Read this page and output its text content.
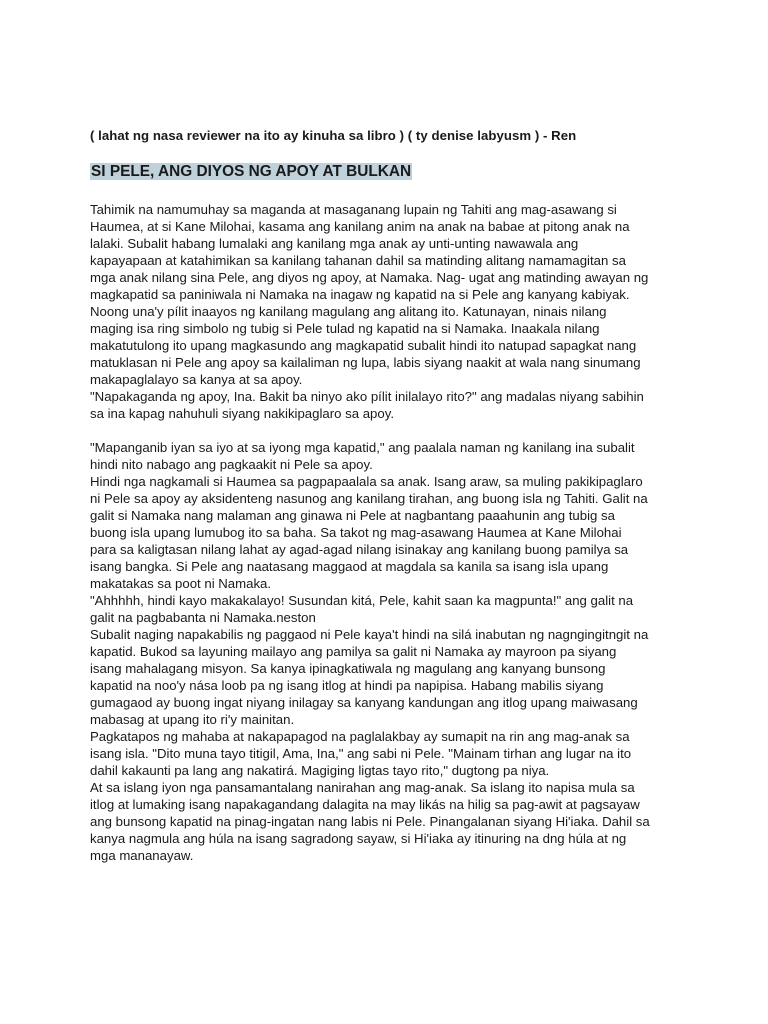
( lahat ng nasa reviewer na ito ay kinuha sa libro ) ( ty denise labyusm ) - Ren
SI PELE, ANG DIYOS NG APOY AT BULKAN
Tahimik na namumuhay sa maganda at masaganang lupain ng Tahiti ang mag-asawang si
Haumea, at si Kane Milohai, kasama ang kanilang anim na anak na babae at pitong anak na
lalaki. Subalit habang lumalaki ang kanilang mga anak ay unti-unting nawawala ang
kapayapaan at katahimikan sa kanilang tahanan dahil sa matinding alitang namamagitan sa
mga anak nilang sina Pele, ang diyos ng apoy, at Namaka. Nag- ugat ang matinding awayan ng
magkapatid sa paniniwala ni Namaka na inagaw ng kapatid na si Pele ang kanyang kabiyak.
Noong una'y pílit inaayos ng kanilang magulang ang alitang ito. Katunayan, ninais nilang
maging isa ring simbolo ng tubig si Pele tulad ng kapatid na si Namaka. Inaakala nilang
makatutulong ito upang magkasundo ang magkapatid subalit hindi ito natupad sapagkat nang
matuklasan ni Pele ang apoy sa kailaliman ng lupa, labis siyang naakit at wala nang sinumang
makapaglalayo sa kanya at sa apoy.
"Napakaganda ng apoy, Ina. Bakit ba ninyo ako pílit inilalayo rito?" ang madalas niyang sabihin
sa ina kapag nahuhuli siyang nakikipaglaro sa apoy.
"Mapanganib iyan sa iyo at sa iyong mga kapatid," ang paalala naman ng kanilang ina subalit
hindi nito nabago ang pagkaakit ni Pele sa apoy.
Hindi nga nagkamali si Haumea sa pagpapaalala sa anak. Isang araw, sa muling pakikipaglaro
ni Pele sa apoy ay aksidenteng nasunog ang kanilang tirahan, ang buong isla ng Tahiti. Galit na
galit si Namaka nang malaman ang ginawa ni Pele at nagbantang paaahunin ang tubig sa
buong isla upang lumubog ito sa baha. Sa takot ng mag-asawang Haumea at Kane Milohai
para sa kaligtasan nilang lahat ay agad-agad nilang isinakay ang kanilang buong pamilya sa
isang bangka. Si Pele ang naatasang maggaod at magdala sa kanila sa isang isla upang
makatakas sa poot ni Namaka.
"Ahhhhh, hindi kayo makakalayo! Susundan kitá, Pele, kahit saan ka magpunta!" ang galit na
galit na pagbabanta ni Namaka.neston
Subalit naging napakabilis ng paggaod ni Pele kaya't hindi na silá inabutan ng nagngingitngit na
kapatid. Bukod sa layuning mailayo ang pamilya sa galit ni Namaka ay mayroon pa siyang
isang mahalagang misyon. Sa kanya ipinagkatiwala ng magulang ang kanyang bunsong
kapatid na noo'y nása loob pa ng isang itlog at hindi pa napipisa. Habang mabilis siyang
gumagaod ay buong ingat niyang inilagay sa kanyang kandungan ang itlog upang maiwasang
mabasag at upang ito ri'y mainitan.
Pagkatapos ng mahaba at nakapapagod na paglalakbay ay sumapit na rin ang mag-anak sa
isang isla. "Dito muna tayo titigil, Ama, Ina," ang sabi ni Pele. "Mainam tirhan ang lugar na ito
dahil kakaunti pa lang ang nakatirá. Magiging ligtas tayo rito," dugtong pa niya.
At sa islang iyon nga pansamantalang nanirahan ang mag-anak. Sa islang ito napisa mula sa
itlog at lumaking isang napakagandang dalagita na may likás na hilig sa pag-awit at pagsayaw
ang bunsong kapatid na pinag-ingatan nang labis ni Pele. Pinangalanan siyang Hi'iaka. Dahil sa
kanya nagmula ang húla na isang sagradong sayaw, si Hi'iaka ay itinuring na dng húla at ng
mga mananayaw.
